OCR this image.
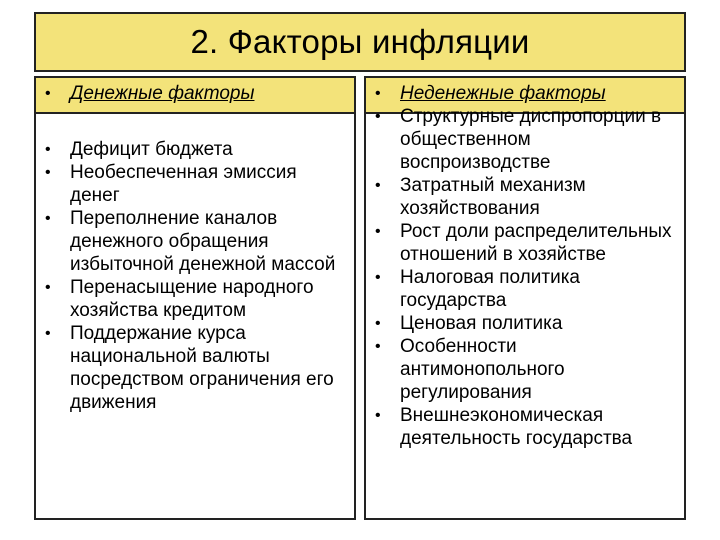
2. Факторы инфляции
• Денежные факторы
• Дефицит бюджета
• Необеспеченная эмиссия денег
• Переполнение каналов денежного обращения избыточной денежной массой
• Перенасыщение народного хозяйства кредитом
• Поддержание курса национальной валюты посредством ограничения его движения
• Неденежные факторы
• Структурные диспропорции в общественном воспроизводстве
• Затратный механизм хозяйствования
• Рост доли распределительных отношений в хозяйстве
• Налоговая политика государства
• Ценовая политика
• Особенности антимонопольного регулирования
• Внешнеэкономическая деятельность государства
